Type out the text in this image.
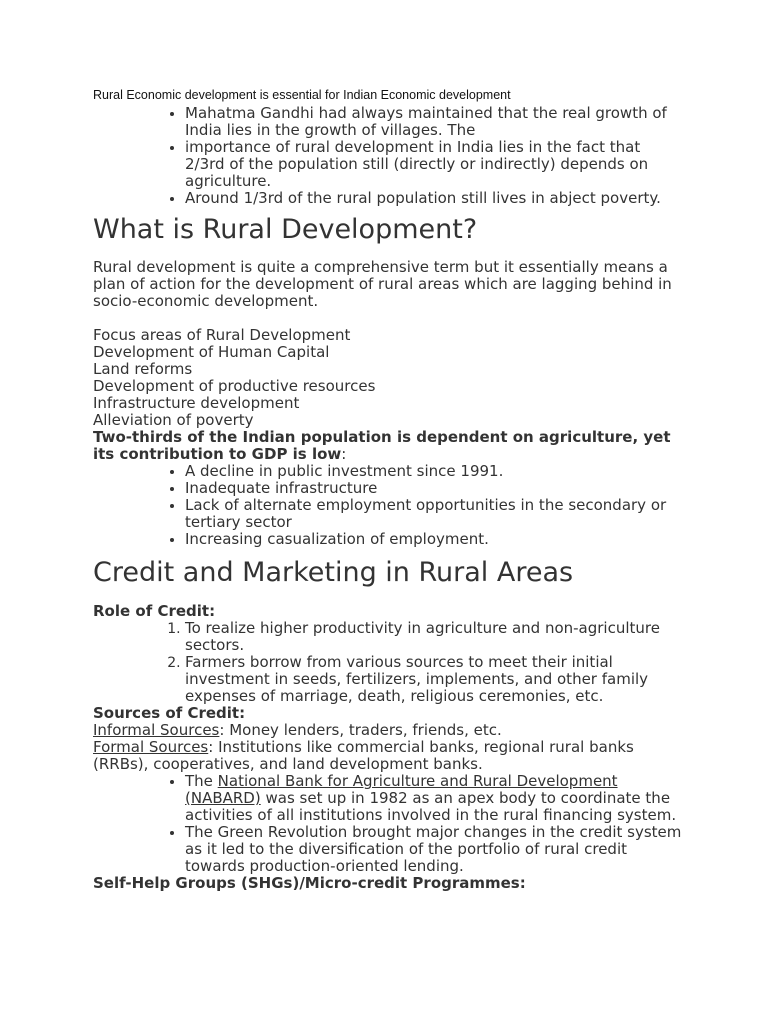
Rural Economic development is essential for Indian Economic development
• Mahatma Gandhi had always maintained that the real growth of India lies in the growth of villages. The
• importance of rural development in India lies in the fact that 2/3rd of the population still (directly or indirectly) depends on agriculture.
• Around 1/3rd of the rural population still lives in abject poverty.
What is Rural Development?

Rural development is quite a comprehensive term but it essentially means a plan of action for the development of rural areas which are lagging behind in socio-economic development.

Focus areas of Rural Development
Development of Human Capital
Land reforms
Development of productive resources
Infrastructure development
Alleviation of poverty

Two-thirds of the Indian population is dependent on agriculture, yet its contribution to GDP is low:

• A decline in public investment since 1991.
• Inadequate infrastructure
• Lack of alternate employment opportunities in the secondary or tertiary sector
• Increasing casualization of employment.
Credit and Marketing in Rural Areas
Role of Credit:
1. To realize higher productivity in agriculture and non-agriculture sectors.
2. Farmers borrow from various sources to meet their initial investment in seeds, fertilizers, implements, and other family expenses of marriage, death, religious ceremonies, etc.
Sources of Credit:
Informal Sources: Money lenders, traders, friends, etc.
Formal Sources: Institutions like commercial banks, regional rural banks (RRBs), cooperatives, and land development banks.
• The National Bank for Agriculture and Rural Development (NABARD) was set up in 1982 as an apex body to coordinate the activities of all institutions involved in the rural financing system.
• The Green Revolution brought major changes in the credit system as it led to the diversification of the portfolio of rural credit towards production-oriented lending.
Self-Help Groups (SHGs)/Micro-credit Programmes:
